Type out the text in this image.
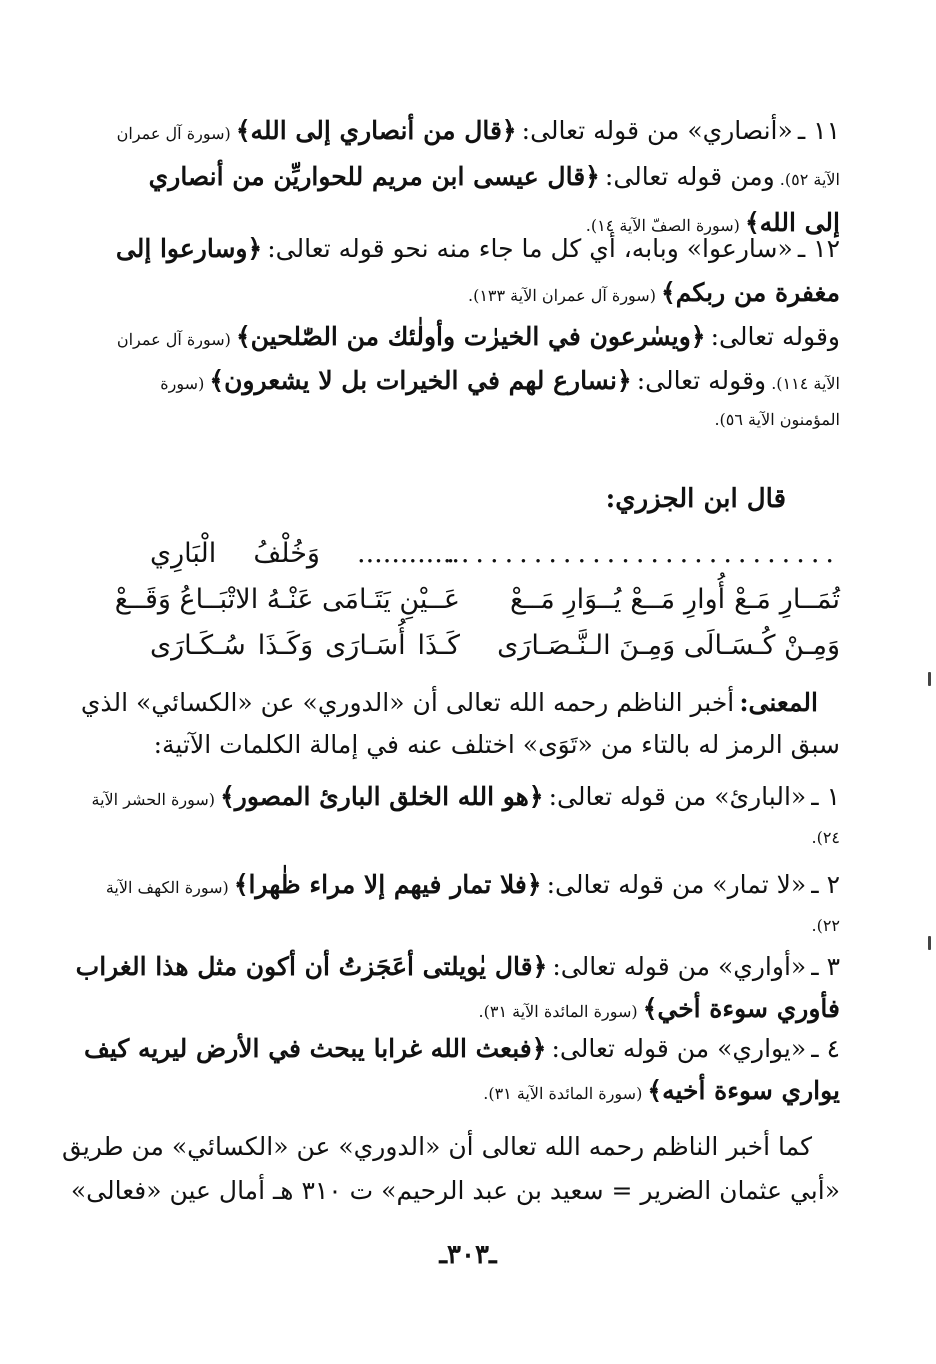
١١ ـ «أنصاري» من قوله تعالى: ﴿قال من أنصاري إلى الله﴾ (سورة آل عمران
الآية ٥٢). ومن قوله تعالى: ﴿قال عيسى ابن مريم للحواريِّن من أنصاري
إلى الله﴾ (سورة الصفّ الآية ١٤).
١٢ ـ «سارعوا» وبابه، أي كل ما جاء منه نحو قوله تعالى: ﴿وسارعوا إلى
مغفرة من ربكم﴾ (سورة آل عمران الآية ١٣٣).
وقوله تعالى: ﴿ويسٰرعون في الخيرٰت وأولٰئك من الصّٰلحين﴾ (سورة آل عمران
الآية ١١٤). وقوله تعالى: ﴿نسارع لهم في الخيرات بل لا يشعرون﴾ (سورة
المؤمنون الآية ٥٦).
قال ابن الجزري:
...........................
............ وَخُلْفُ الْبَارِي
تُمَــارِ مَـعْ أُوارِ مَــعْ يُــوَارِ مَــعْ
عَــيْنِ يَتَـامَى عَنْـهُ الاتْبَــاعُ وَقَــعْ
وَمِـنْ كُـسَـالَى وَمِـنَ الـنَّـصَـارَى
كَـذَا أُسَـارَى وَكَـذَا سُـكَـارَى
المعنى: أخبر الناظم رحمه الله تعالى أن «الدوري» عن «الكسائي» الذي
سبق الرمز له بالتاء من «تَوَى» اختلف عنه في إمالة الكلمات الآتية:
١ ـ «البارئ» من قوله تعالى: ﴿هو الله الخلق البارئ المصور﴾ (سورة الحشر الآية
٢٤).
٢ ـ «لا تمار» من قوله تعالى: ﴿فلا تمار فيهم إلا مراء ظٰهرا﴾ (سورة الكهف الآية
٢٢).
٣ ـ «أواري» من قوله تعالى: ﴿قال يٰويلتى أعَجَزتُ أن أكون مثل هذا الغراب
فأوري سوءة أخي﴾ (سورة المائدة الآية ٣١).
٤ ـ «يواري» من قوله تعالى: ﴿فبعث الله غرابا يبحث في الأرض ليريه كيف
يواري سوءة أخيه﴾ (سورة المائدة الآية ٣١).
كما أخبر الناظم رحمه الله تعالى أن «الدوري» عن «الكسائي» من طريق
«أبي عثمان الضرير = سعيد بن عبد الرحيم» ت ٣١٠ هـ أمال عين «فعالى»
ـ٣٠٣ـ
